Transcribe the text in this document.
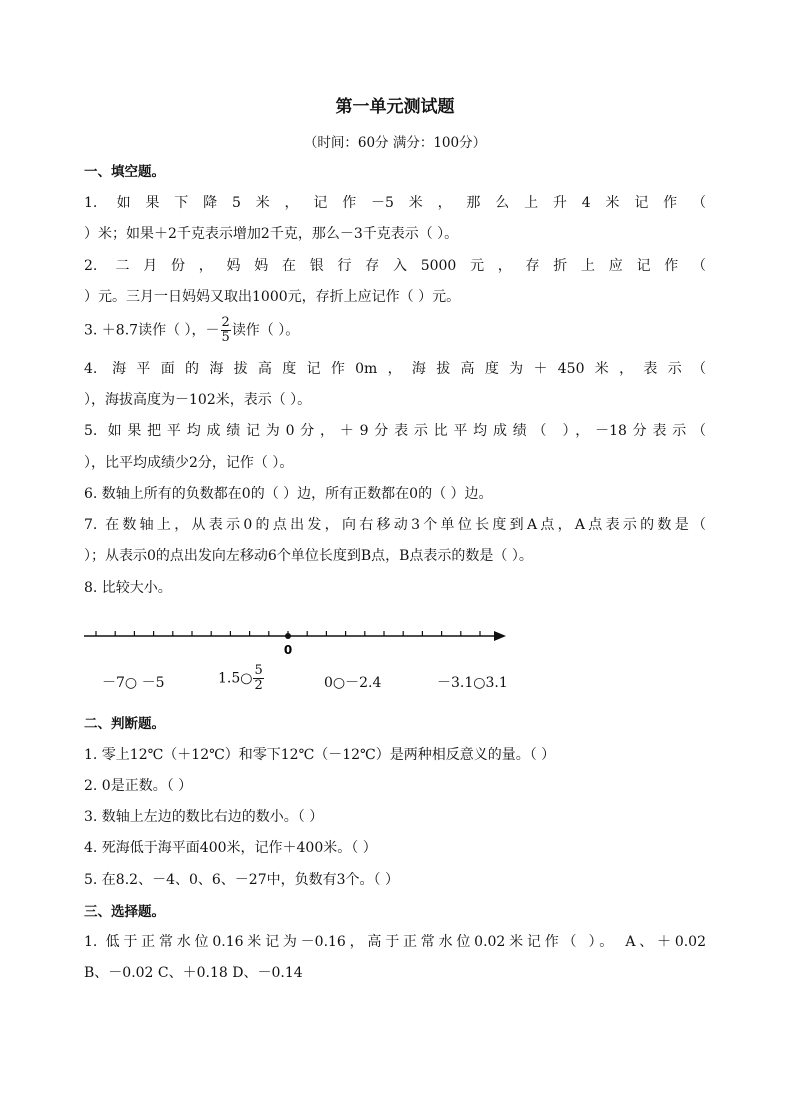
第一单元测试题
（时间：60分 满分：100分）
一、填空题。
1. 如果下降5米，记作－5米，那么上升4米记作（
）米；如果＋2千克表示增加2千克，那么－3千克表示（ ）。
2. 二月份，妈妈在银行存入5000元，存折上应记作（
）元。三月一日妈妈又取出1000元，存折上应记作（ ）元。
3. ＋8.7读作（ ），－ $\frac{2}{5}$ 读作（ ）。
4. 海平面的海拔高度记作0m，海拔高度为＋450米，表示（
），海拔高度为－102米，表示（ ）。
5. 如果把平均成绩记为0分，＋9分表示比平均成绩（ ），－18分表示（
），比平均成绩少2分，记作（ ）。
6. 数轴上所有的负数都在0的（ ）边，所有正数都在0的（ ）边。
7. 在数轴上，从表示0的点出发，向右移动3个单位长度到A点，A点表示的数是（
）；从表示0的点出发向左移动6个单位长度到B点，B点表示的数是（ ）。
8. 比较大小。
0
－7○ －5	1.5○ $\frac{5}{2}$	0○－2.4	－3.1○3.1
二、判断题。
1. 零上12℃（＋12℃）和零下12℃（－12℃）是两种相反意义的量。（ ）
2. 0是正数。（ ）
3. 数轴上左边的数比右边的数小。（ ）
4. 死海低于海平面400米，记作＋400米。（ ）
5. 在8.2、－4、0、6、－27中，负数有3个。（ ）
三、选择题。
1. 低于正常水位0.16米记为－0.16，高于正常水位0.02米记作（ ）。 A、＋0.02
B、－0.02 C、＋0.18 D、－0.14
